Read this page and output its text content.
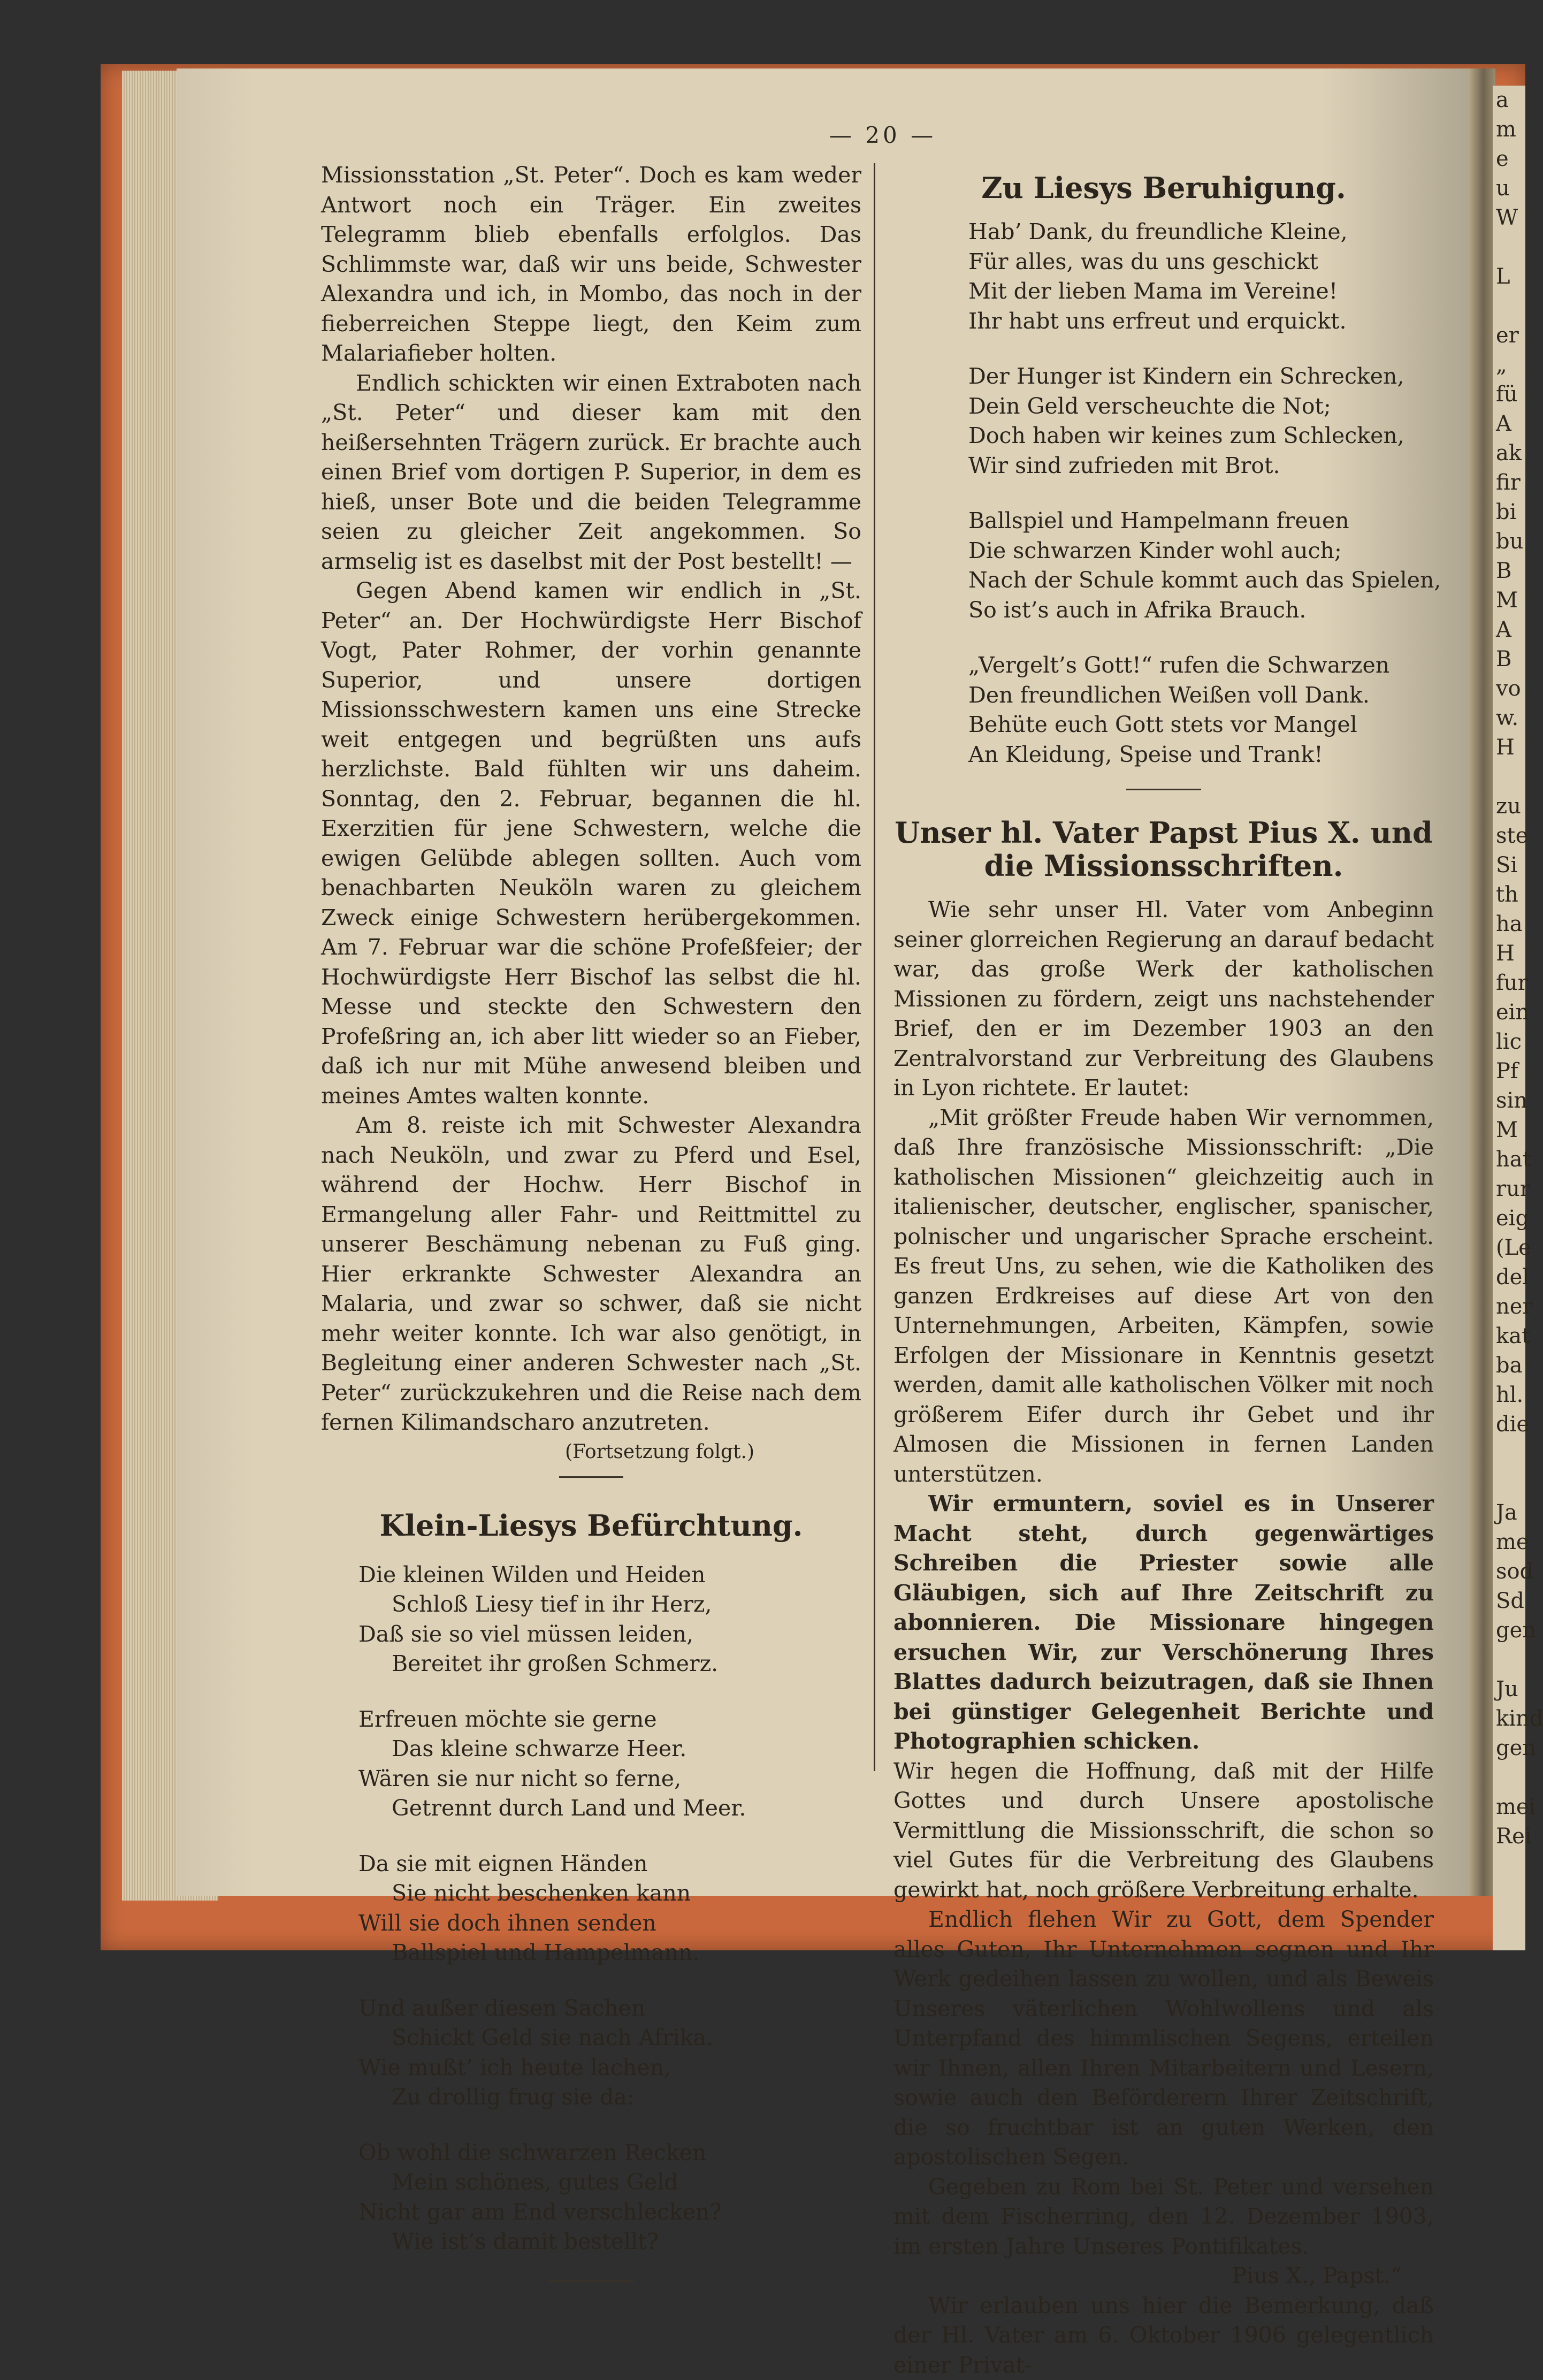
a
m
e
u
W

L

er
„
fü
A
ak
fir
bi
bu
B
M
A
B
vo
w.
H

zu
ste
Si
th
ha
H
fur
ein
lic
Pf
sin
M
hat
rur
eig
(Le
del
ner
kat
ba
hl.
die

Ja
me
sod
Sd
gen

Ju
kind
gen

mei
Rei
— 20 —

Missionsstation „St. Peter“. Doch es kam weder Antwort noch ein Träger. Ein zweites Telegramm blieb ebenfalls erfolglos. Das Schlimmste war, daß wir uns beide, Schwester Alexandra und ich, in Mombo, das noch in der fieberreichen Steppe liegt, den Keim zum Malariafieber holten.

Endlich schickten wir einen Extraboten nach „St. Peter“ und dieser kam mit den heißersehnten Trägern zurück. Er brachte auch einen Brief vom dortigen P. Superior, in dem es hieß, unser Bote und die beiden Telegramme seien zu gleicher Zeit angekommen. So armselig ist es daselbst mit der Post bestellt! —

Gegen Abend kamen wir endlich in „St. Peter“ an. Der Hochwürdigste Herr Bischof Vogt, Pater Rohmer, der vorhin genannte Superior, und unsere dortigen Missionsschwestern kamen uns eine Strecke weit entgegen und begrüßten uns aufs herzlichste. Bald fühlten wir uns daheim. Sonntag, den 2. Februar, begannen die hl. Exerzitien für jene Schwestern, welche die ewigen Gelübde ablegen sollten. Auch vom benachbarten Neuköln waren zu gleichem Zweck einige Schwestern herübergekommen. Am 7. Februar war die schöne Profeßfeier; der Hochwürdigste Herr Bischof las selbst die hl. Messe und steckte den Schwestern den Profeßring an, ich aber litt wieder so an Fieber, daß ich nur mit Mühe anwesend bleiben und meines Amtes walten konnte.

Am 8. reiste ich mit Schwester Alexandra nach Neuköln, und zwar zu Pferd und Esel, während der Hochw. Herr Bischof in Ermangelung aller Fahr- und Reittmittel zu unserer Beschämung nebenan zu Fuß ging. Hier erkrankte Schwester Alexandra an Malaria, und zwar so schwer, daß sie nicht mehr weiter konnte. Ich war also genötigt, in Begleitung einer anderen Schwester nach „St. Peter“ zurückzukehren und die Reise nach dem fernen Kilimandscharo anzutreten.

(Fortsetzung folgt.)
Klein-Liesys Befürchtung.
Die kleinen Wilden und Heiden
Schloß Liesy tief in ihr Herz,
Daß sie so viel müssen leiden,
Bereitet ihr großen Schmerz.
Erfreuen möchte sie gerne
Das kleine schwarze Heer.
Wären sie nur nicht so ferne,
Getrennt durch Land und Meer.
Da sie mit eignen Händen
Sie nicht beschenken kann
Will sie doch ihnen senden
Ballspiel und Hampelmann.
Und außer diesen Sachen
Schickt Geld sie nach Afrika.
Wie mußt’ ich heute lachen,
Zu drollig frug sie da:
Ob wohl die schwarzen Recken
Mein schönes, gutes Geld
Nicht gar am End verschlecken?
Wie ist’s damit bestellt?
Zu Liesys Beruhigung.
Hab’ Dank, du freundliche Kleine,
Für alles, was du uns geschickt
Mit der lieben Mama im Vereine!
Ihr habt uns erfreut und erquickt.
Der Hunger ist Kindern ein Schrecken,
Dein Geld verscheuchte die Not;
Doch haben wir keines zum Schlecken,
Wir sind zufrieden mit Brot.
Ballspiel und Hampelmann freuen
Die schwarzen Kinder wohl auch;
Nach der Schule kommt auch das Spielen,
So ist’s auch in Afrika Brauch.
„Vergelt’s Gott!“ rufen die Schwarzen
Den freundlichen Weißen voll Dank.
Behüte euch Gott stets vor Mangel
An Kleidung, Speise und Trank!
Unser hl. Vater Papst Pius X. und die Missionsschriften.

Wie sehr unser Hl. Vater vom Anbeginn seiner glorreichen Regierung an darauf bedacht war, das große Werk der katholischen Missionen zu fördern, zeigt uns nachstehender Brief, den er im Dezember 1903 an den Zentralvorstand zur Verbreitung des Glaubens in Lyon richtete. Er lautet:

„Mit größter Freude haben Wir vernommen, daß Ihre französische Missionsschrift: „Die katholischen Missionen“ gleichzeitig auch in italienischer, deutscher, englischer, spanischer, polnischer und ungarischer Sprache erscheint. Es freut Uns, zu sehen, wie die Katholiken des ganzen Erdkreises auf diese Art von den Unternehmungen, Arbeiten, Kämpfen, sowie Erfolgen der Missionare in Kenntnis gesetzt werden, damit alle katholischen Völker mit noch größerem Eifer durch ihr Gebet und ihr Almosen die Missionen in fernen Landen unterstützen.

Wir ermuntern, soviel es in Unserer Macht steht, durch gegenwärtiges Schreiben die Priester sowie alle Gläubigen, sich auf Ihre Zeitschrift zu abonnieren. Die Missionare hingegen ersuchen Wir, zur Verschönerung Ihres Blattes dadurch beizutragen, daß sie Ihnen bei günstiger Gelegenheit Berichte und Photographien schicken.

Wir hegen die Hoffnung, daß mit der Hilfe Gottes und durch Unsere apostolische Vermittlung die Missionsschrift, die schon so viel Gutes für die Verbreitung des Glaubens gewirkt hat, noch größere Verbreitung erhalte.

Endlich flehen Wir zu Gott, dem Spender alles Guten, Ihr Unternehmen segnen und Ihr Werk gedeihen lassen zu wollen, und als Beweis Unseres väterlichen Wohlwollens und als Unterpfand des himmlischen Segens, erteilen wir Ihnen, allen Ihren Mitarbeitern und Lesern, sowie auch den Beförderern Ihrer Zeitschrift, die so fruchtbar ist an guten Werken, den apostolischen Segen.

Gegeben zu Rom bei St. Peter und versehen mit dem Fischerring, den 12. Dezember 1903, im ersten Jahre Unseres Pontifikates.

Pius X., Papst.“

Wir erlauben uns hier die Bemerkung, daß der Hl. Vater am 6. Oktober 1906 gelegentlich einer Privat-
